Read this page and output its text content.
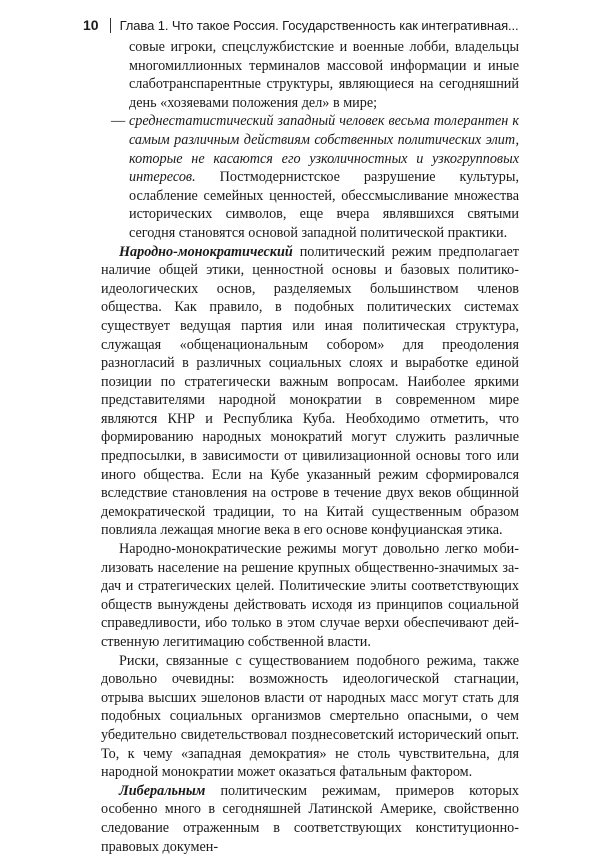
10 Глава 1. Что такое Россия. Государственность как интегративная...

совые игроки, спецслужбистские и военные лобби, владельцы многомиллионных терминалов массовой информации и иные слаботранспарентные структуры, являющиеся на сегодняшний день «хозяевами положения дел» в мире;

— среднестатистический западный человек весьма толерантен к самым различным действиям собственных политических элит, которые не касаются его узколичностных и узкогрупповых интересов. Постмодернистское разрушение культуры, ослабление семейных ценностей, обессмысливание множества исторических символов, еще вчера являвшихся святыми сегодня становятся основой западной политической практики.

Народно-монократический политический режим предполагает наличие общей этики, ценностной основы и базовых политико-идеологических основ, разделяемых большинством членов общества. Как правило, в подобных политических системах существует ведущая партия или иная политическая структура, служащая «общенациональным собором» для преодоления разногласий в различных социальных слоях и выработке единой позиции по стратегически важным вопросам. Наиболее яркими представителями народной монократии в современном мире являются КНР и Республика Куба. Необходимо отметить, что формированию народных монократий могут служить различные предпосылки, в зависимости от цивилизационной основы того или иного общества. Если на Кубе указанный режим сформировался вследствие становления на острове в течение двух веков общинной демократической традиции, то на Китай существенным образом повлияла лежащая многие века в его основе конфуцианская этика.

Народно-монократические режимы могут довольно легко мобилизовать население на решение крупных общественно-значимых задач и стратегических целей. Политические элиты соответствующих обществ вынуждены действовать исходя из принципов социальной справедливости, ибо только в этом случае верхи обеспечивают действенную легитимацию собственной власти.

Риски, связанные с существованием подобного режима, также довольно очевидны: возможность идеологической стагнации, отрыва высших эшелонов власти от народных масс могут стать для подобных социальных организмов смертельно опасными, о чем убедительно свидетельствовал позднесоветский исторический опыт. То, к чему «западная демократия» не столь чувствительна, для народной монократии может оказаться фатальным фактором.

Либеральным политическим режимам, примеров которых особенно много в сегодняшней Латинской Америке, свойственно следование отраженным в соответствующих конституционно-правовых докумен-
